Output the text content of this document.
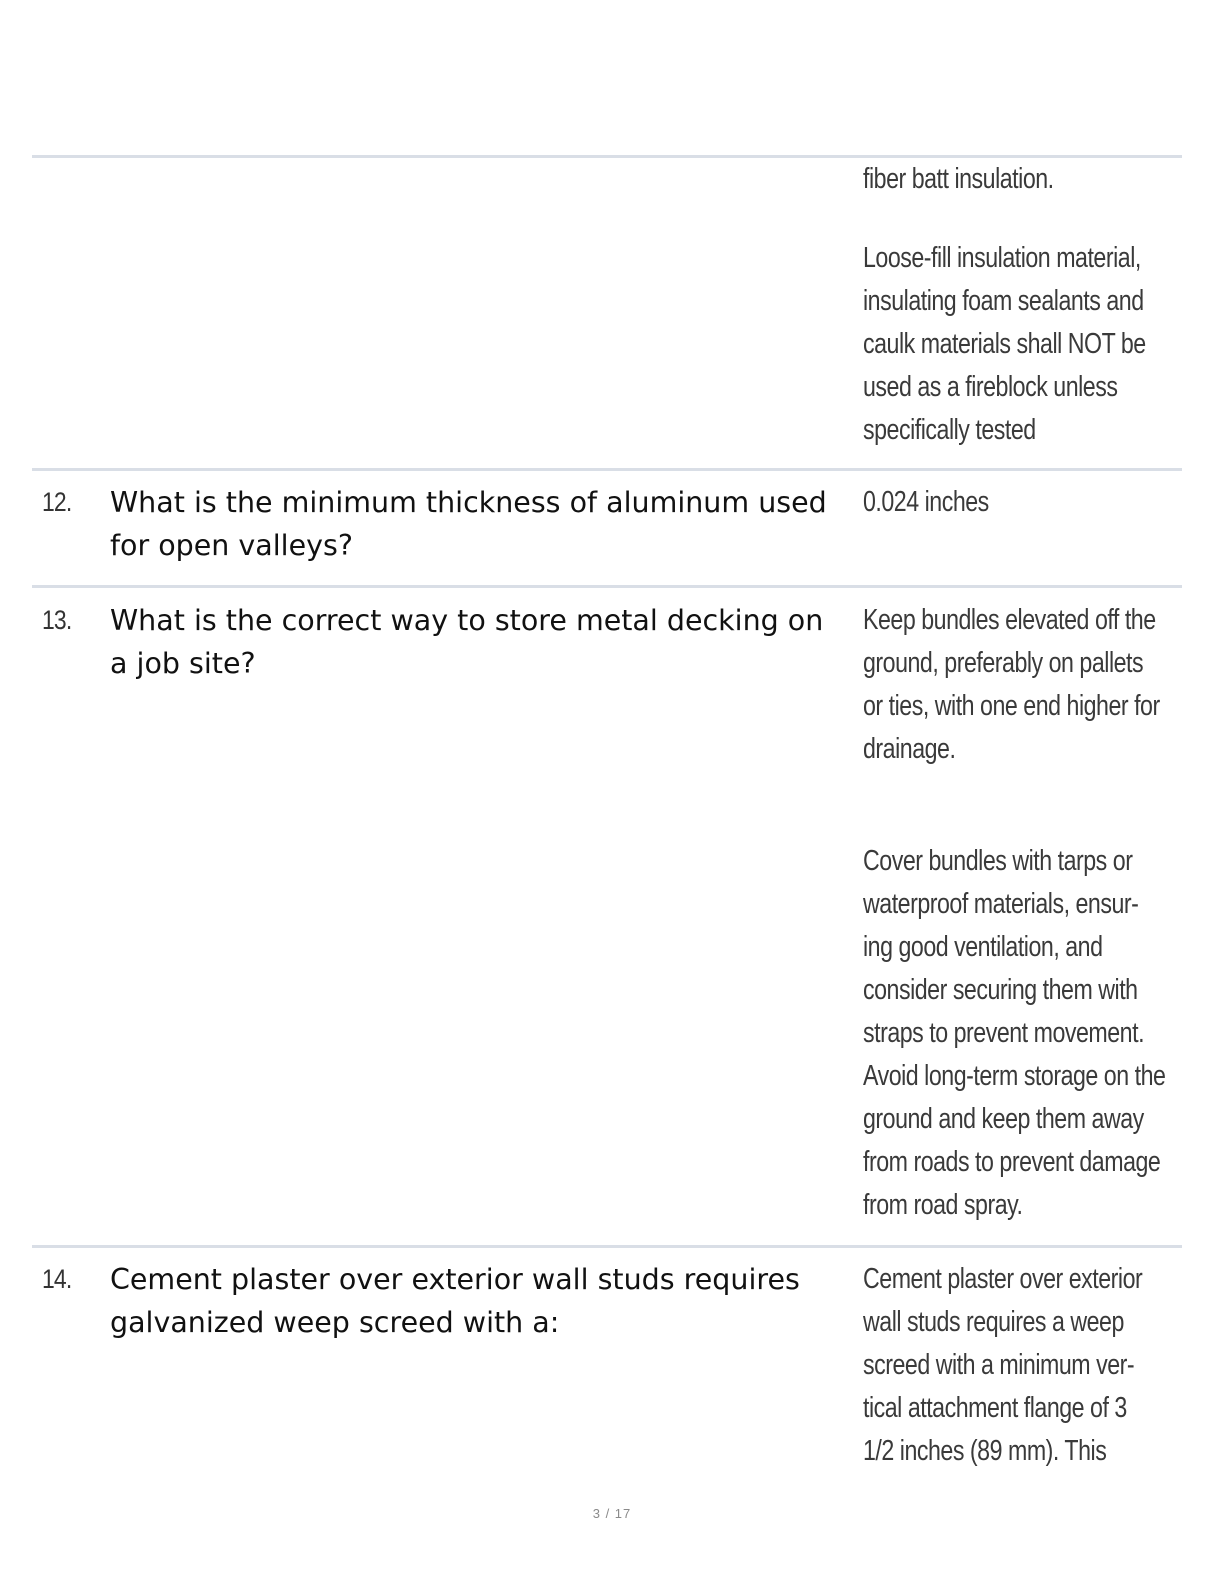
fiber batt insulation.
Loose-fill insulation material,
insulating foam sealants and
caulk materials shall NOT be
used as a fireblock unless
specifically tested
12. What is the minimum thickness of aluminum used
for open valleys?
0.024 inches
13. What is the correct way to store metal decking on
a job site?
Keep bundles elevated off the
ground, preferably on pallets
or ties, with one end higher for
drainage.
Cover bundles with tarps or
waterproof materials, ensur-
ing good ventilation, and
consider securing them with
straps to prevent movement.
Avoid long-term storage on the
ground and keep them away
from roads to prevent damage
from road spray.
14. Cement plaster over exterior wall studs requires
galvanized weep screed with a:
Cement plaster over exterior
wall studs requires a weep
screed with a minimum ver-
tical attachment flange of 3
1/2 inches (89 mm). This
3 / 17
